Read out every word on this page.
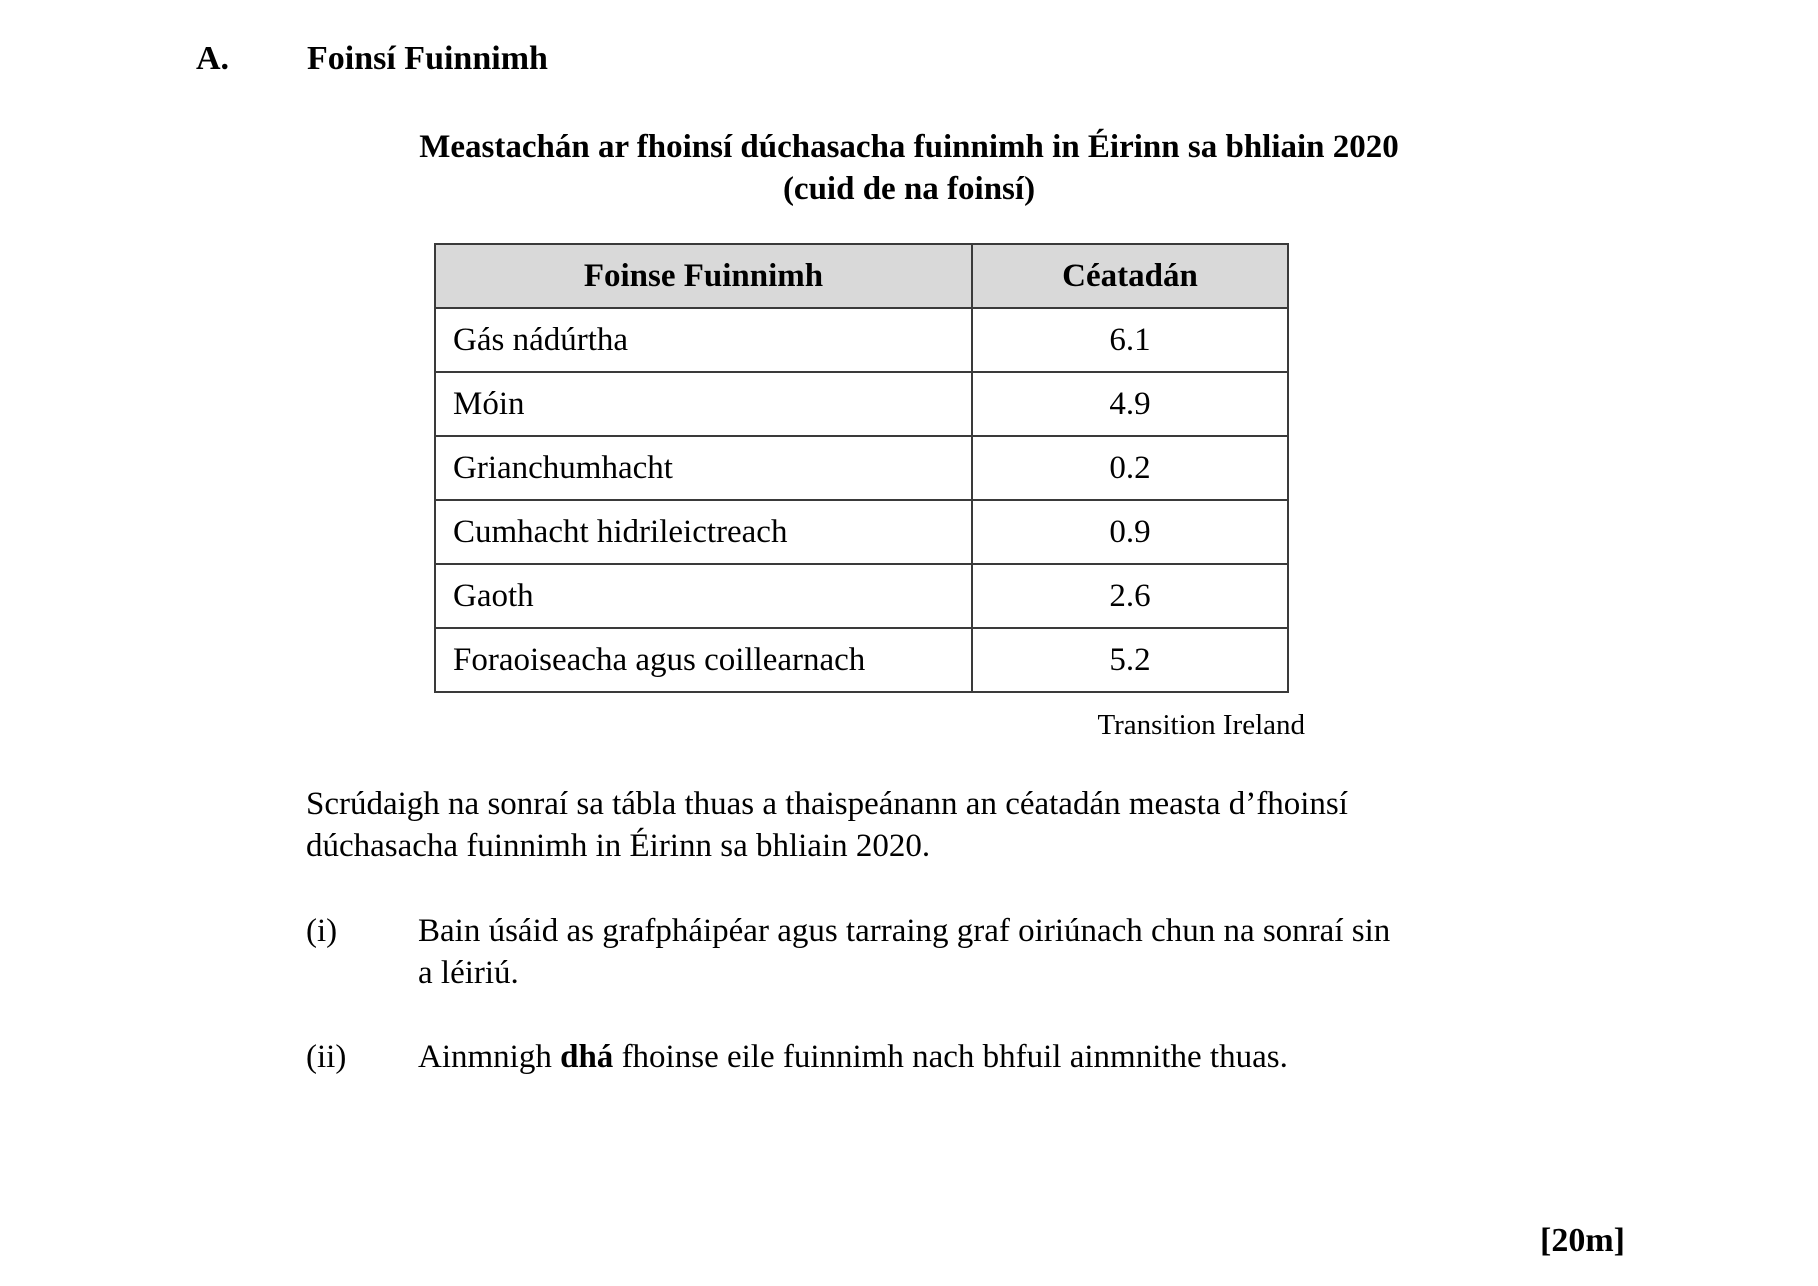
A. Foinsí Fuinnimh
Meastachán ar fhoinsí dúchasacha fuinnimh in Éirinn sa bhliain 2020
(cuid de na foinsí)
Foinse Fuinnimh	Céatadán
Gás nádúrtha	6.1
Móin	4.9
Grianchumhacht	0.2
Cumhacht hidrileictreach	0.9
Gaoth	2.6
Foraoiseacha agus coillearnach	5.2
Transition Ireland
Scrúdaigh na sonraí sa tábla thuas a thaispeánann an céatadán measta d’fhoinsí
dúchasacha fuinnimh in Éirinn sa bhliain 2020.
(i) Bain úsáid as grafpháipéar agus tarraing graf oiriúnach chun na sonraí sin
a léiriú.
(ii) Ainmnigh dhá fhoinse eile fuinnimh nach bhfuil ainmnithe thuas.
[20m]
